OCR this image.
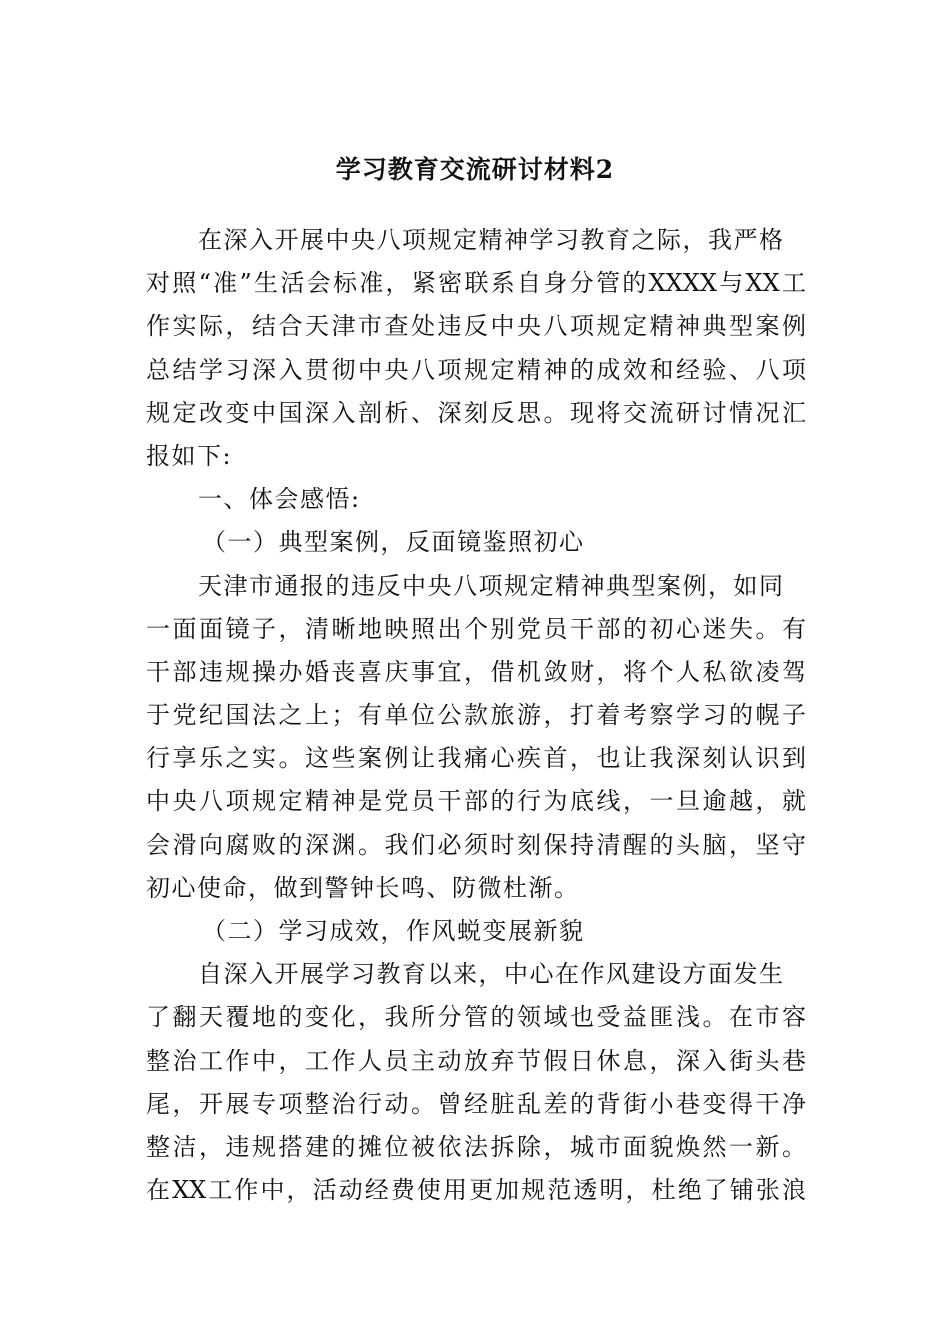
学习教育交流研讨材料2
在深入开展中央八项规定精神学习教育之际，我严格
对照“准”生活会标准，紧密联系自身分管的XXXX与XX工
作实际，结合天津市查处违反中央八项规定精神典型案例
总结学习深入贯彻中央八项规定精神的成效和经验、八项
规定改变中国深入剖析、深刻反思。现将交流研讨情况汇
报如下:
一、体会感悟:
（一）典型案例，反面镜鉴照初心
天津市通报的违反中央八项规定精神典型案例，如同
一面面镜子，清晰地映照出个别党员干部的初心迷失。有
干部违规操办婚丧喜庆事宜，借机敛财，将个人私欲凌驾
于党纪国法之上；有单位公款旅游，打着考察学习的幌子
行享乐之实。这些案例让我痛心疾首，也让我深刻认识到
中央八项规定精神是党员干部的行为底线，一旦逾越，就
会滑向腐败的深渊。我们必须时刻保持清醒的头脑，坚守
初心使命，做到警钟长鸣、防微杜渐。
（二）学习成效，作风蜕变展新貌
自深入开展学习教育以来，中心在作风建设方面发生
了翻天覆地的变化，我所分管的领域也受益匪浅。在市容
整治工作中，工作人员主动放弃节假日休息，深入街头巷
尾，开展专项整治行动。曾经脏乱差的背街小巷变得干净
整洁，违规搭建的摊位被依法拆除，城市面貌焕然一新。
在XX工作中，活动经费使用更加规范透明，杜绝了铺张浪
